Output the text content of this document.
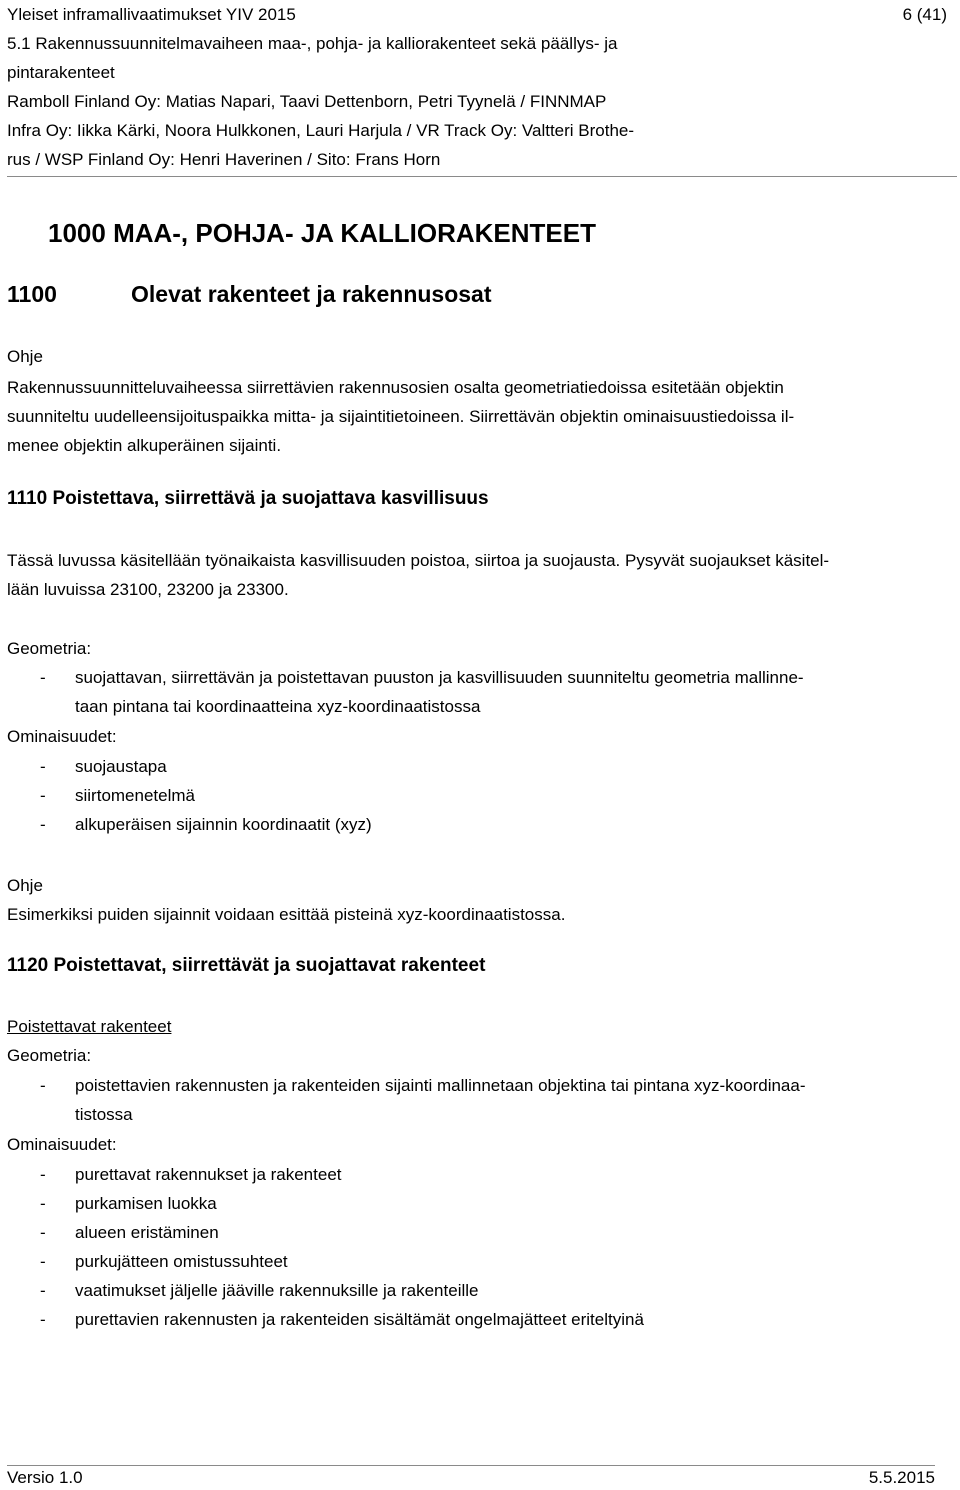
Yleiset inframallivaatimukset YIV 2015	6 (41)
5.1 Rakennussuunnitelmavaiheen maa-, pohja- ja kalliorakenteet sekä päällys- ja
pintarakenteet
Ramboll Finland Oy: Matias Napari, Taavi Dettenborn, Petri Tyynelä / FINNMAP
Infra Oy: Iikka Kärki, Noora Hulkkonen, Lauri Harjula / VR Track Oy: Valtteri Brothe-
rus / WSP Finland Oy: Henri Haverinen / Sito: Frans Horn
1000 MAA-, POHJA- JA KALLIORAKENTEET
1100	Olevat rakenteet ja rakennusosat
Ohje
Rakennussuunnitteluvaiheessa siirrettävien rakennusosien osalta geometriatiedoissa esitetään objektin
suunniteltu uudelleensijoituspaikka mitta- ja sijaintitietoineen. Siirrettävän objektin ominaisuustiedoissa il-
menee objektin alkuperäinen sijainti.
1110 Poistettava, siirrettävä ja suojattava kasvillisuus
Tässä luvussa käsitellään työnaikaista kasvillisuuden poistoa, siirtoa ja suojausta. Pysyvät suojaukset käsitel-
lään luvuissa 23100, 23200 ja 23300.
Geometria:
- suojattavan, siirrettävän ja poistettavan puuston ja kasvillisuuden suunniteltu geometria mallinne-
taan pintana tai koordinaatteina xyz-koordinaatistossa
Ominaisuudet:
- suojaustapa
- siirtomenetelmä
- alkuperäisen sijainnin koordinaatit (xyz)
Ohje
Esimerkiksi puiden sijainnit voidaan esittää pisteinä xyz-koordinaatistossa.
1120 Poistettavat, siirrettävät ja suojattavat rakenteet
Poistettavat rakenteet
Geometria:
- poistettavien rakennusten ja rakenteiden sijainti mallinnetaan objektina tai pintana xyz-koordinaa-
tistossa
Ominaisuudet:
- purettavat rakennukset ja rakenteet
- purkamisen luokka
- alueen eristäminen
- purkujätteen omistussuhteet
- vaatimukset jäljelle jääville rakennuksille ja rakenteille
- purettavien rakennusten ja rakenteiden sisältämät ongelmajätteet eriteltyinä
Versio 1.0	5.5.2015
